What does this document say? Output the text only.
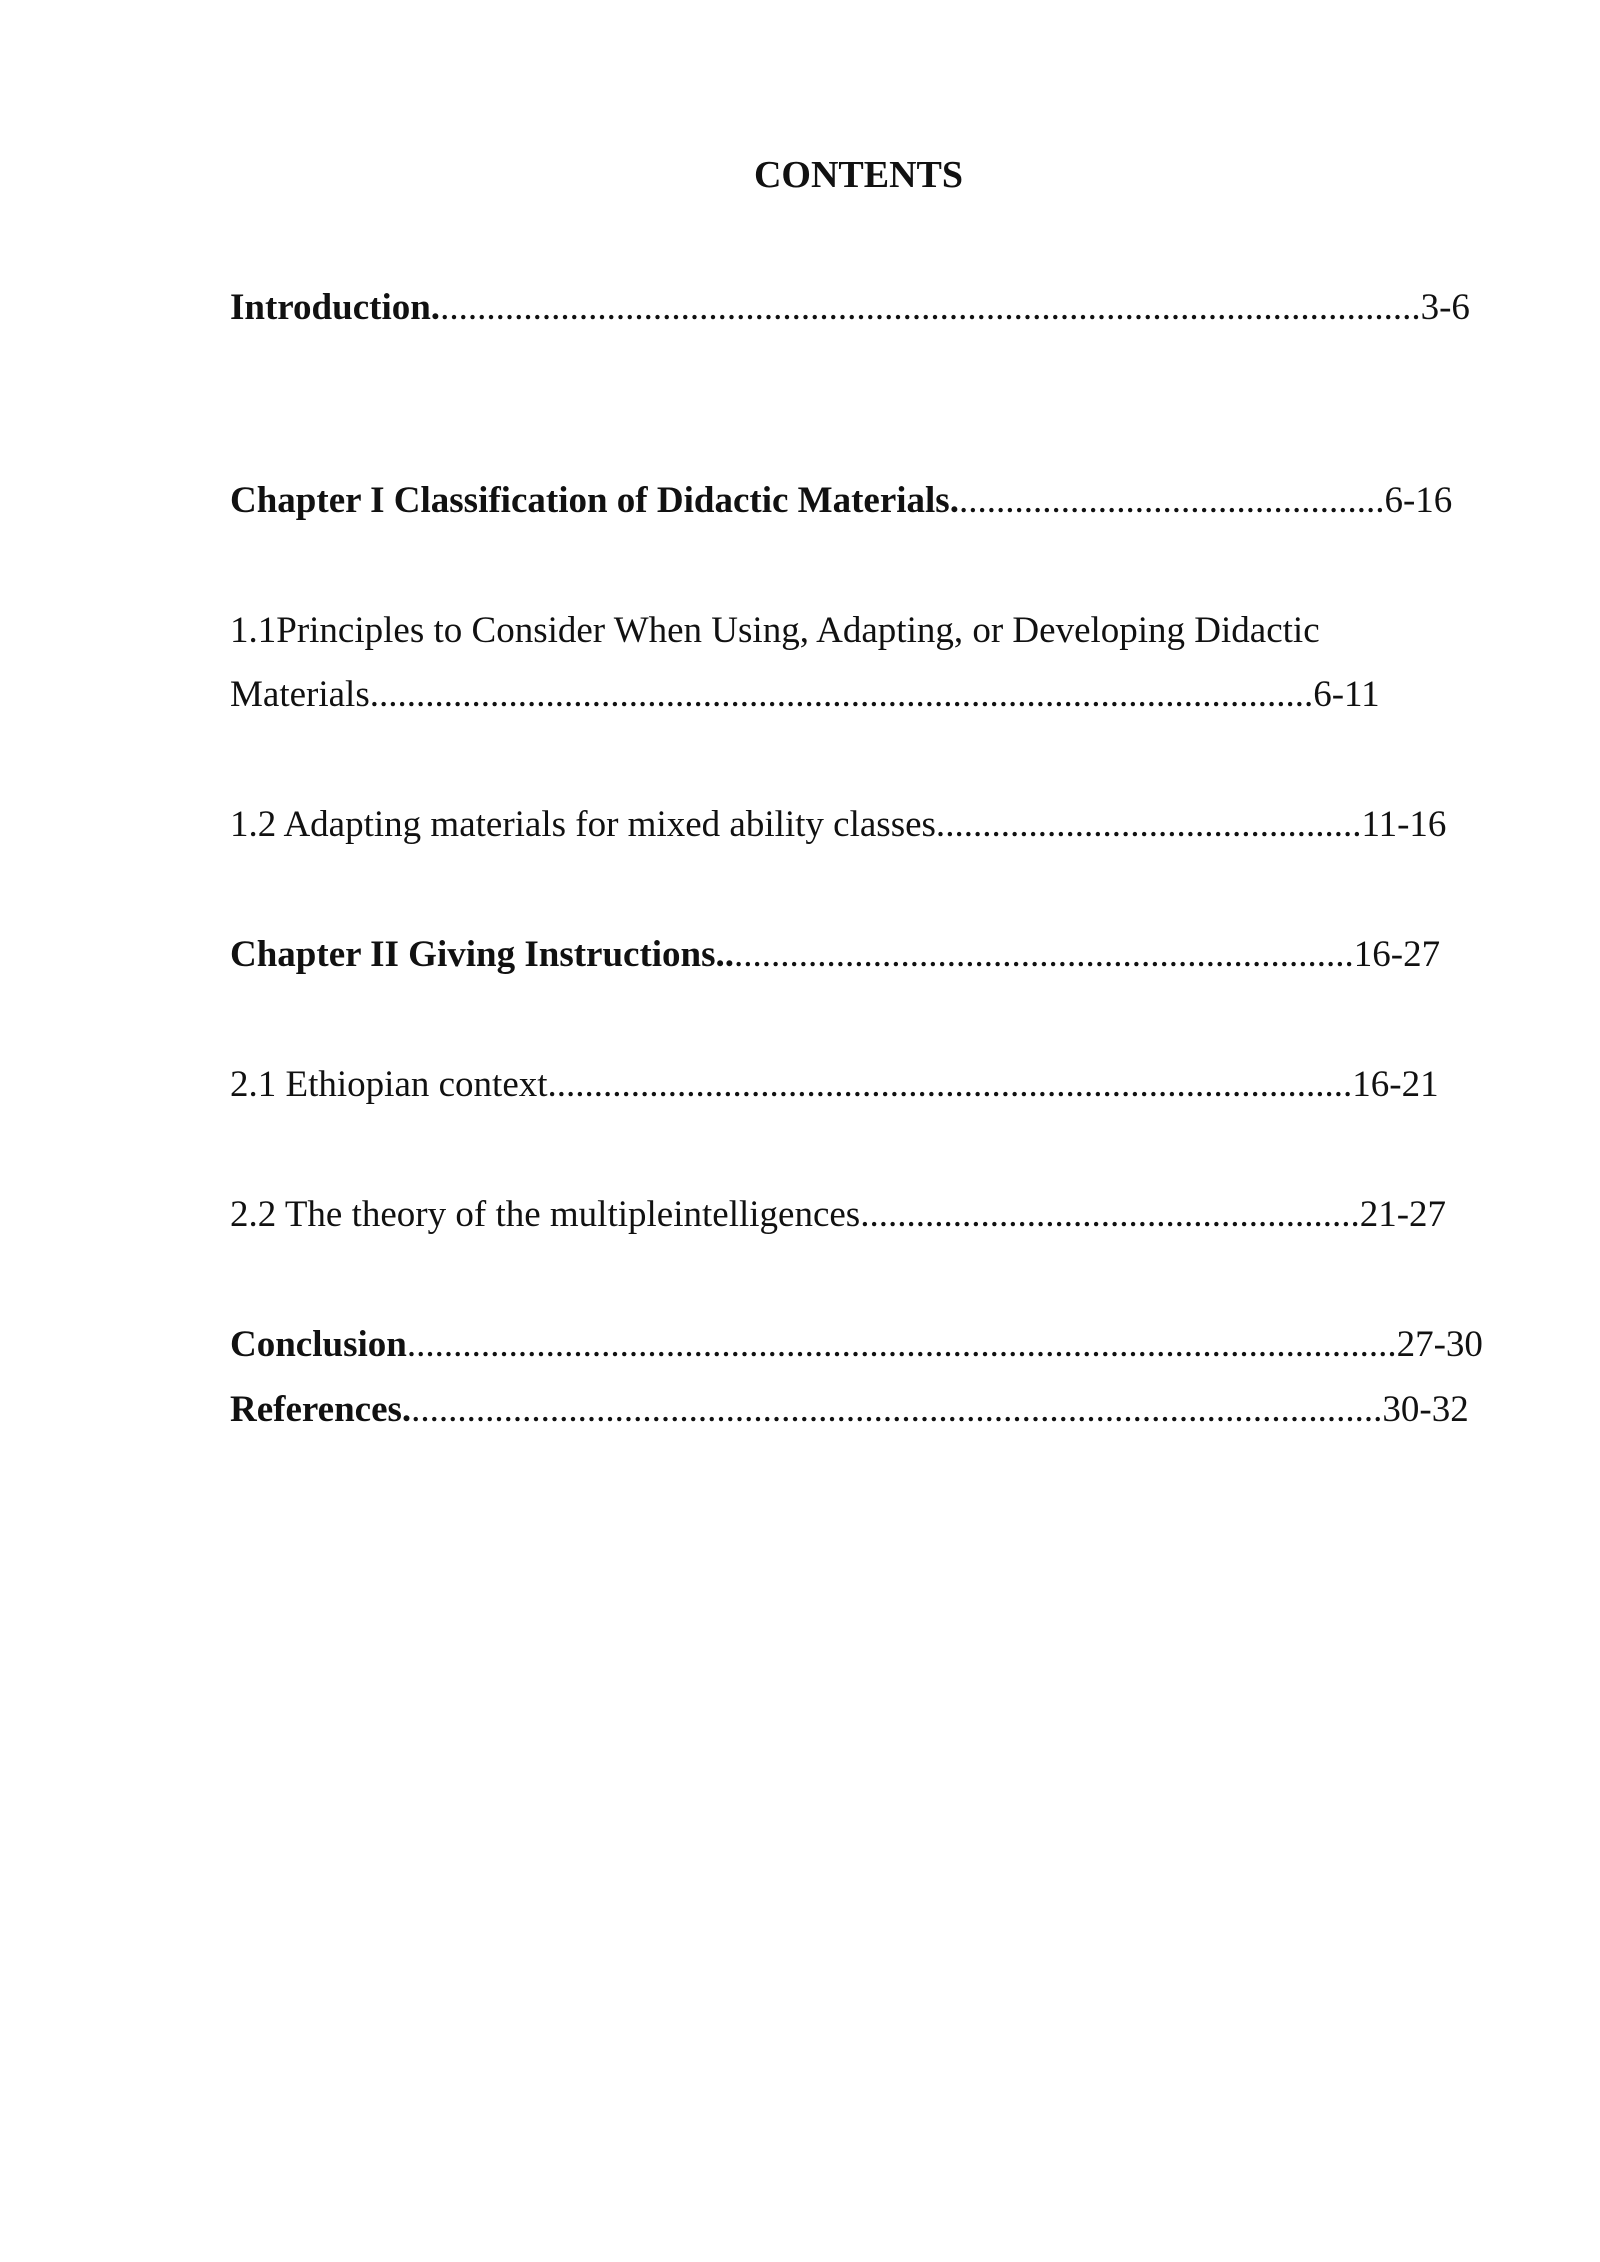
CONTENTS
Introduction...........................................................................................................3-6
Chapter I Classification of Didactic Materials...............................................6-16
1.1Principles to Consider When Using, Adapting, or Developing Didactic
Materials......................................................................................................6-11
1.2 Adapting materials for mixed ability classes..............................................11-16
Chapter II Giving Instructions.....................................................................16-27
2.1 Ethiopian context.......................................................................................16-21
2.2 The theory of the multipleintelligences......................................................21-27
Conclusion...........................................................................................................27-30
References..........................................................................................................30-32
